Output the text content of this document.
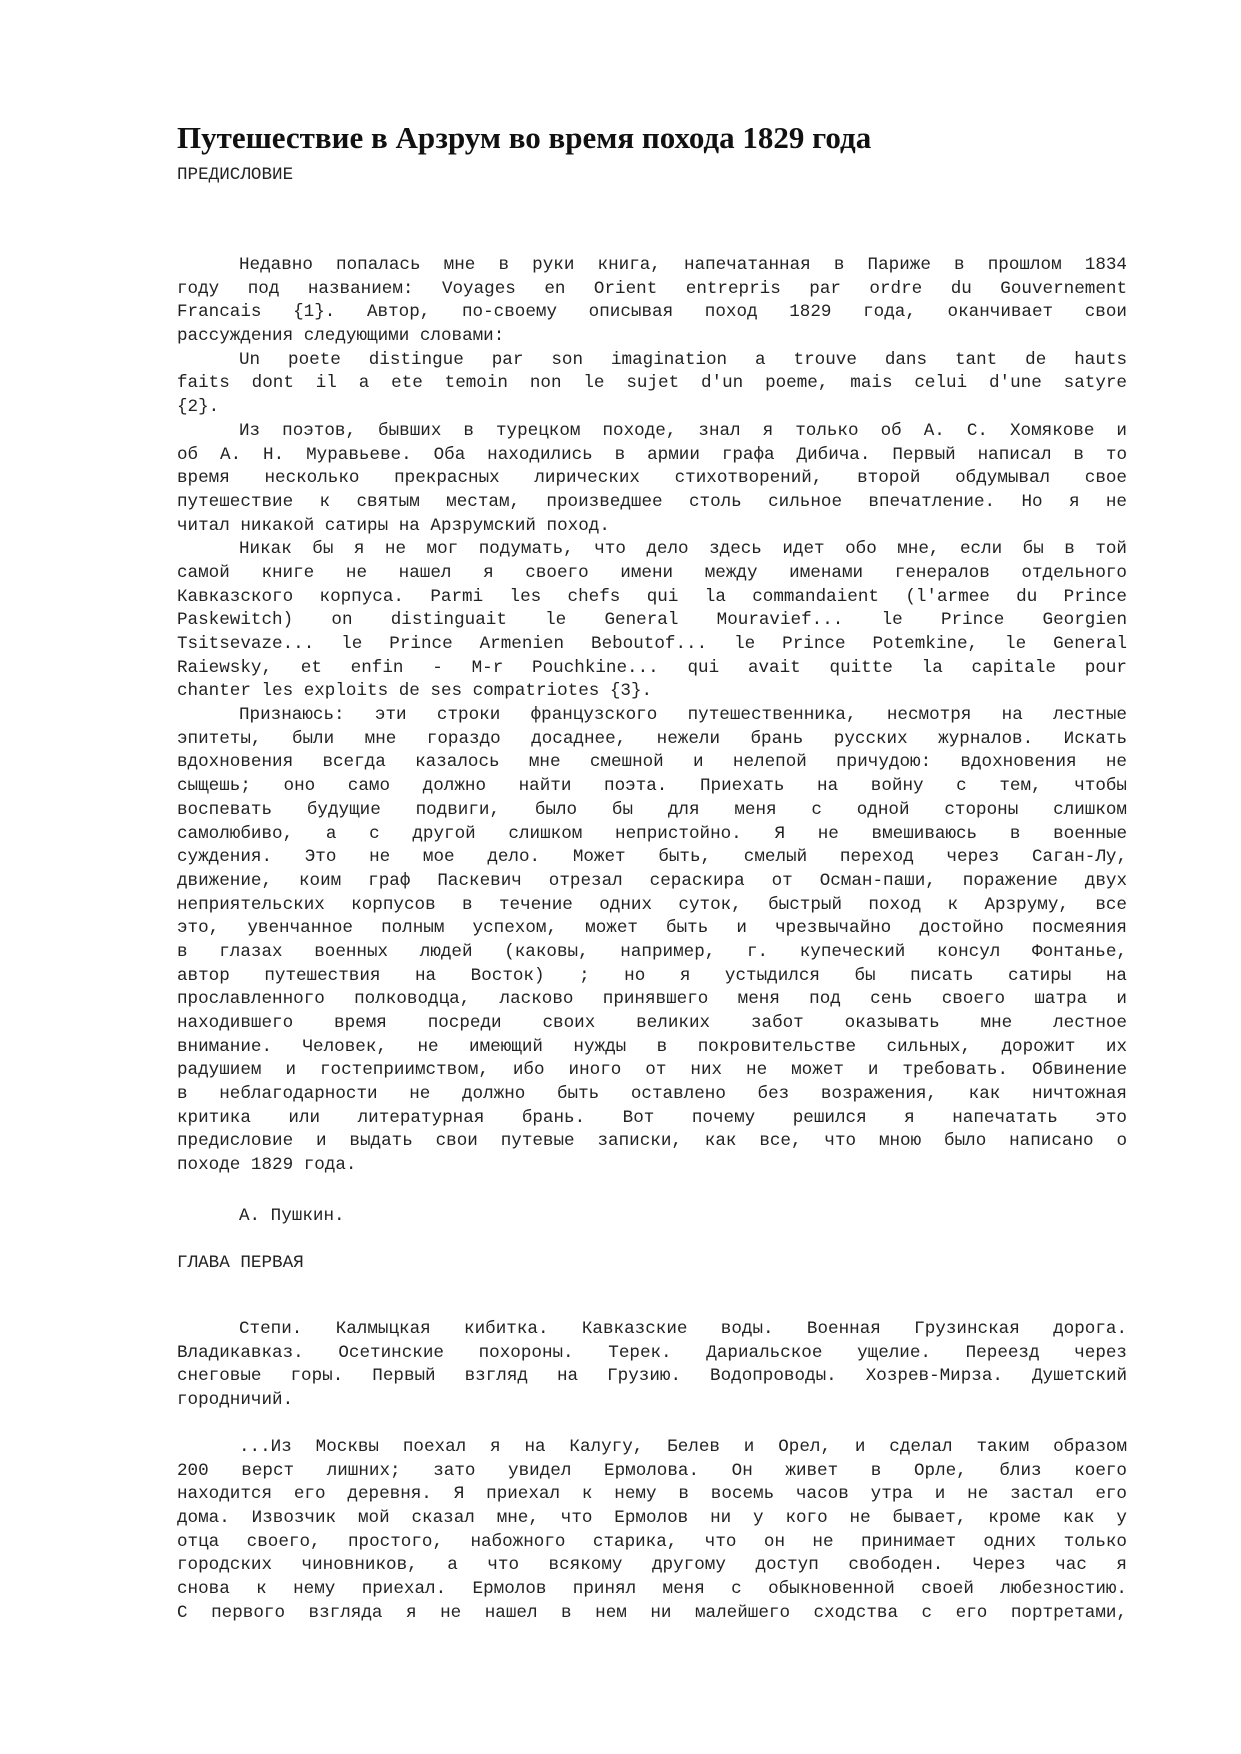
Путешествие в Арзрум во время похода 1829 года
ПРЕДИСЛОВИЕ
Недавно попалась мне в руки книга, напечатанная в Париже в прошлом 1834
году под названием: Voyages en Orient entrepris par ordre du Gouvernement
Francais {1}. Автор, по-своему описывая поход 1829 года, оканчивает свои
рассуждения следующими словами:
Un poete distingue par son imagination a trouve dans tant de hauts
faits dont il a ete temoin non le sujet d'un poeme, mais celui d'une satyre
{2}.
Из поэтов, бывших в турецком походе, знал я только об А. С. Хомякове и
об А. Н. Муравьеве. Оба находились в армии графа Дибича. Первый написал в то
время несколько прекрасных лирических стихотворений, второй обдумывал свое
путешествие к святым местам, произведшее столь сильное впечатление. Но я не
читал никакой сатиры на Арзрумский поход.
Никак бы я не мог подумать, что дело здесь идет обо мне, если бы в той
самой книге не нашел я своего имени между именами генералов отдельного
Кавказского корпуса. Parmi les chefs qui la commandaient (l'armee du Prince
Paskewitch) on distinguait le General Mouravief... le Prince Georgien
Tsitsevaze... le Prince Armenien Beboutof... le Prince Potemkine, le General
Raiewsky, et enfin - M-r Pouchkine... qui avait quitte la capitale pour
chanter les exploits de ses compatriotes {3}.
Признаюсь: эти строки французского путешественника, несмотря на лестные
эпитеты, были мне гораздо досаднее, нежели брань русских журналов. Искать
вдохновения всегда казалось мне смешной и нелепой причудою: вдохновения не
сыщешь; оно само должно найти поэта. Приехать на войну с тем, чтобы
воспевать будущие подвиги, было бы для меня с одной стороны слишком
самолюбиво, а с другой слишком непристойно. Я не вмешиваюсь в военные
суждения. Это не мое дело. Может быть, смелый переход через Саган-Лу,
движение, коим граф Паскевич отрезал сераскира от Осман-паши, поражение двух
неприятельских корпусов в течение одних суток, быстрый поход к Арзруму, все
это, увенчанное полным успехом, может быть и чрезвычайно достойно посмеяния
в глазах военных людей (каковы, например, г. купеческий консул Фонтанье,
автор путешествия на Восток) ; но я устыдился бы писать сатиры на
прославленного полководца, ласково принявшего меня под сень своего шатра и
находившего время посреди своих великих забот оказывать мне лестное
внимание. Человек, не имеющий нужды в покровительстве сильных, дорожит их
радушием и гостеприимством, ибо иного от них не может и требовать. Обвинение
в неблагодарности не должно быть оставлено без возражения, как ничтожная
критика или литературная брань. Вот почему решился я напечатать это
предисловие и выдать свои путевые записки, как все, что мною было написано о
походе 1829 года.
А. Пушкин.
ГЛАВА ПЕРВАЯ
Степи. Калмыцкая кибитка. Кавказские воды. Военная Грузинская дорога.
Владикавказ. Осетинские похороны. Терек. Дариальское ущелие. Переезд через
снеговые горы. Первый взгляд на Грузию. Водопроводы. Хозрев-Мирза. Душетский
городничий.
...Из Москвы поехал я на Калугу, Белев и Орел, и сделал таким образом
200 верст лишних; зато увидел Ермолова. Он живет в Орле, близ коего
находится его деревня. Я приехал к нему в восемь часов утра и не застал его
дома. Извозчик мой сказал мне, что Ермолов ни у кого не бывает, кроме как у
отца своего, простого, набожного старика, что он не принимает одних только
городских чиновников, а что всякому другому доступ свободен. Через час я
снова к нему приехал. Ермолов принял меня с обыкновенной своей любезностию.
С первого взгляда я не нашел в нем ни малейшего сходства с его портретами,
